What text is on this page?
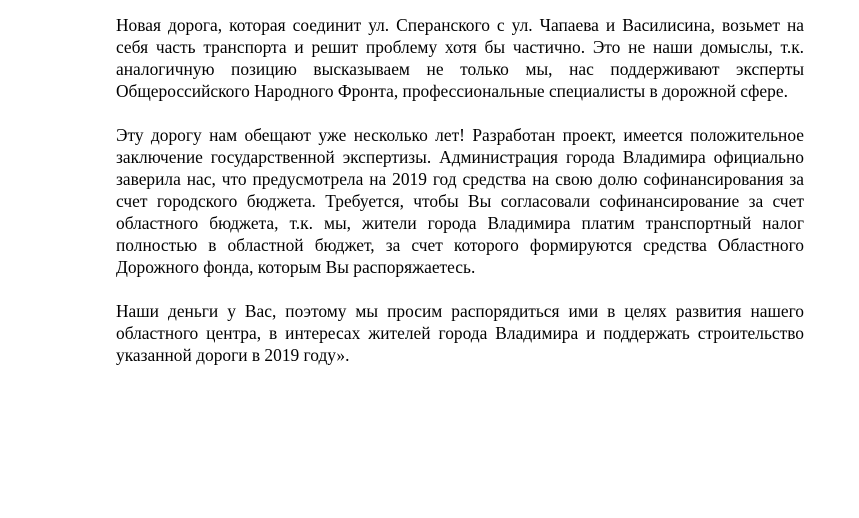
Новая дорога, которая соединит ул. Сперанского с ул. Чапаева и Василисина, возьмет на себя часть транспорта и решит проблему хотя бы частично. Это не наши домыслы, т.к. аналогичную позицию высказываем не только мы, нас поддерживают эксперты Общероссийского Народного Фронта, профессиональные специалисты в дорожной сфере.

Эту дорогу нам обещают уже несколько лет! Разработан проект, имеется положительное заключение государственной экспертизы. Администрация города Владимира официально заверила нас, что предусмотрела на 2019 год средства на свою долю софинансирования за счет городского бюджета. Требуется, чтобы Вы согласовали софинансирование за счет областного бюджета, т.к. мы, жители города Владимира платим транспортный налог полностью в областной бюджет, за счет которого формируются средства Областного Дорожного фонда, которым Вы распоряжаетесь.

Наши деньги у Вас, поэтому мы просим распорядиться ими в целях развития нашего областного центра, в интересах жителей города Владимира и поддержать строительство указанной дороги в 2019 году».
